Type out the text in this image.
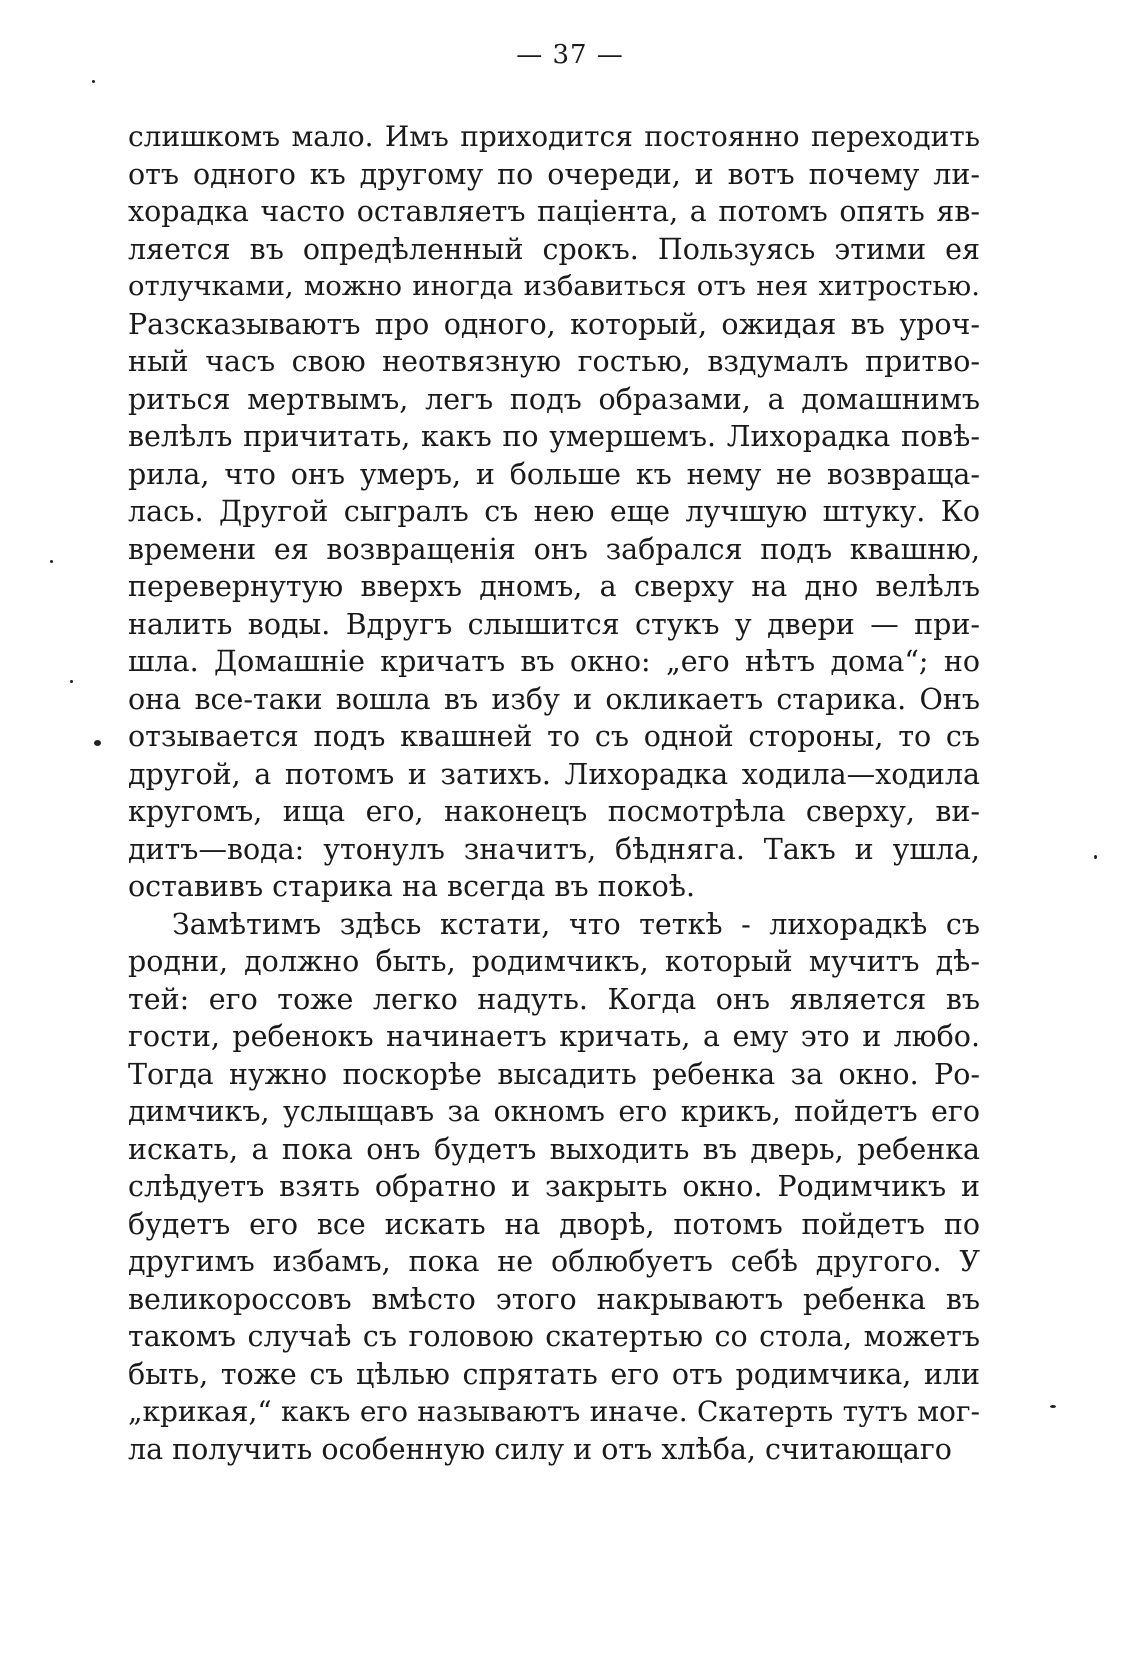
— 37 —
слишкомъ мало. Имъ приходится постоянно переходить
отъ одного къ другому по очереди, и вотъ почему ли-
хорадка часто оставляетъ паціента, а потомъ опять яв-
ляется въ опредѣленный срокъ. Пользуясь этими ея
отлучками, можно иногда избавиться отъ нея хитростью.
Разсказываютъ про одного, который, ожидая въ уроч-
ный часъ свою неотвязную гостью, вздумалъ притво-
риться мертвымъ, легъ подъ образами, а домашнимъ
велѣлъ причитать, какъ по умершемъ. Лихорадка повѣ-
рила, что онъ умеръ, и больше къ нему не возвраща-
лась. Другой сыгралъ съ нею еще лучшую штуку. Ко
времени ея возвращенія онъ забрался подъ квашню,
перевернутую вверхъ дномъ, а сверху на дно велѣлъ
налить воды. Вдругъ слышится стукъ у двери — при-
шла. Домашніе кричатъ въ окно: „его нѣтъ дома“; но
она все-таки вошла въ избу и окликаетъ старика. Онъ
отзывается подъ квашней то съ одной стороны, то съ
другой, а потомъ и затихъ. Лихорадка ходила—ходила
кругомъ, ища его, наконецъ посмотрѣла сверху, ви-
дитъ—вода: утонулъ значитъ, бѣдняга. Такъ и ушла,
оставивъ старика на всегда въ покоѣ.
Замѣтимъ здѣсь кстати, что теткѣ - лихорадкѣ съ
родни, должно быть, родимчикъ, который мучитъ дѣ-
тей: его тоже легко надуть. Когда онъ является въ
гости, ребенокъ начинаетъ кричать, а ему это и любо.
Тогда нужно поскорѣе высадить ребенка за окно. Ро-
димчикъ, услыщавъ за окномъ его крикъ, пойдетъ его
искать, а пока онъ будетъ выходить въ дверь, ребенка
слѣдуетъ взять обратно и закрыть окно. Родимчикъ и
будетъ его все искать на дворѣ, потомъ пойдетъ по
другимъ избамъ, пока не облюбуетъ себѣ другого. У
великороссовъ вмѣсто этого накрываютъ ребенка въ
такомъ случаѣ съ головою скатертью со стола, можетъ
быть, тоже съ цѣлью спрятать его отъ родимчика, или
„крикая,“ какъ его называютъ иначе. Скатерть тутъ мог-
ла получить особенную силу и отъ хлѣба, считающаго
